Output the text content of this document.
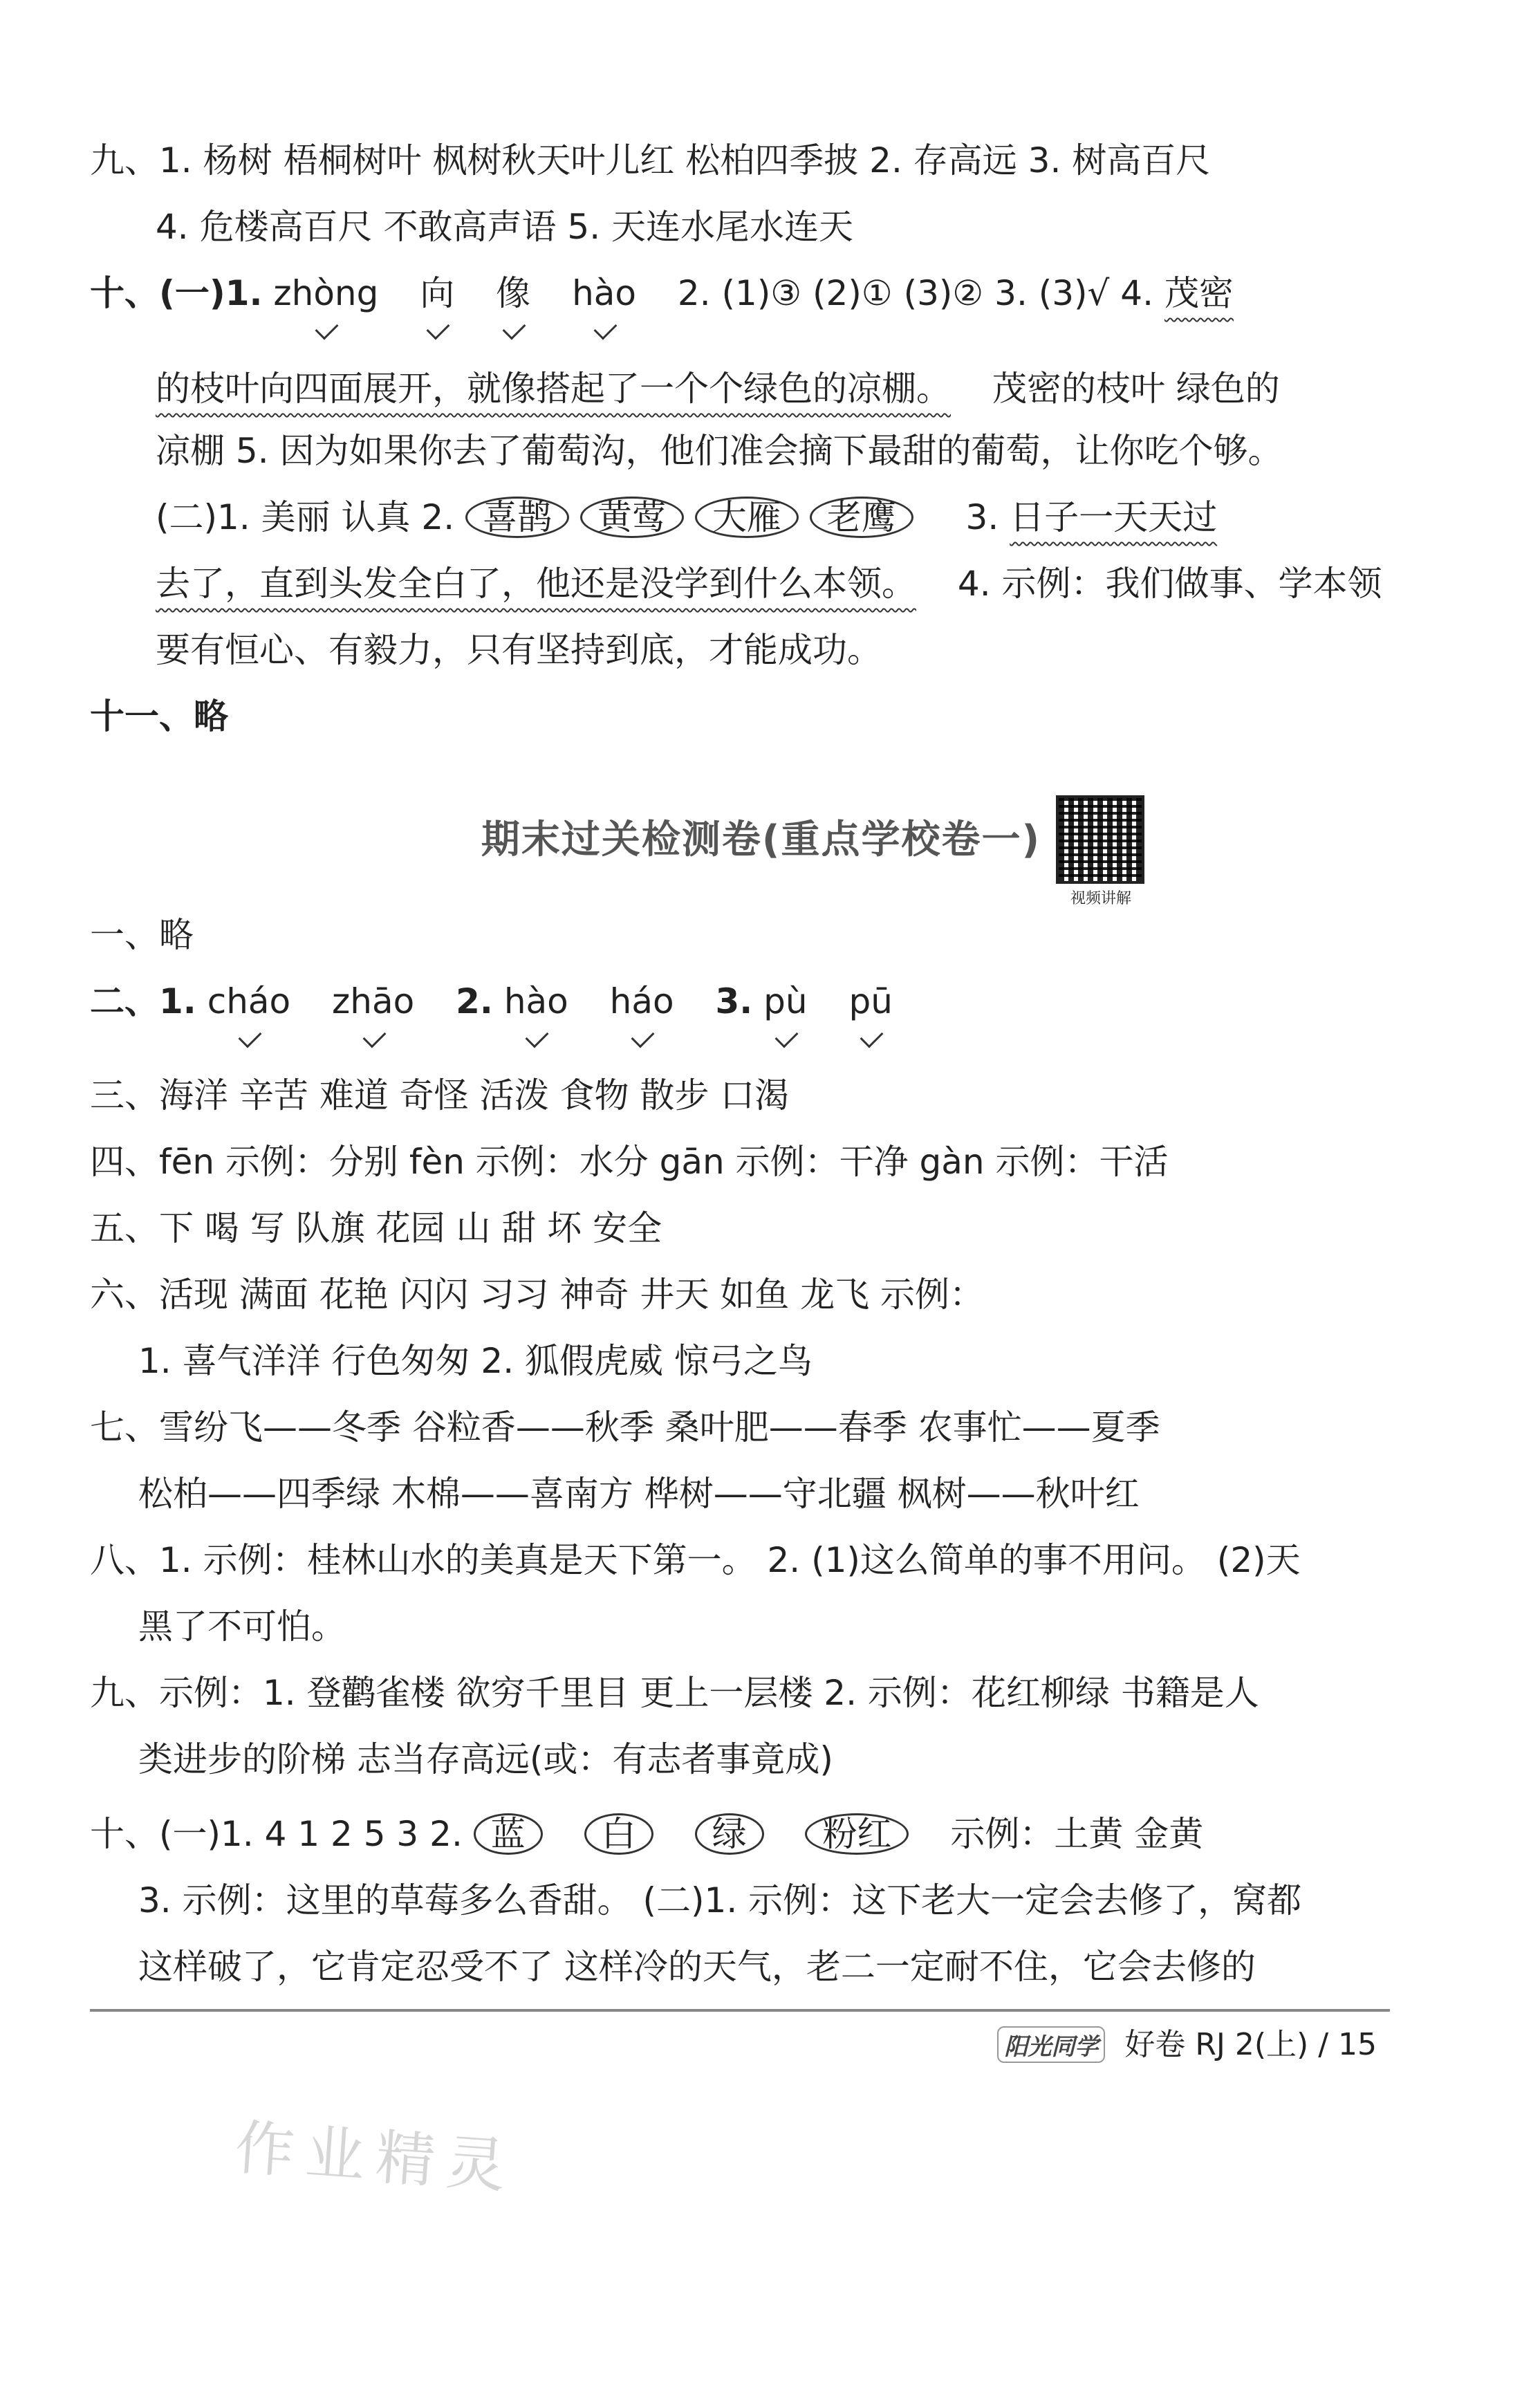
九、1. 杨树 梧桐树叶 枫树秋天叶儿红 松柏四季披 2. 存高远 3. 树高百尺
4. 危楼高百尺 不敢高声语 5. 天连水尾水连天
十、(一)1. zhòng 向 像 hào 2. (1)③ (2)① (3)② 3. (3)√ 4. 茂密
的枝叶向四面展开，就像搭起了一个个绿色的凉棚。 茂密的枝叶 绿色的
凉棚 5. 因为如果你去了葡萄沟，他们准会摘下最甜的葡萄，让你吃个够。
(二)1. 美丽 认真 2. 喜鹊 黄莺 大雁 老鹰 3. 日子一天天过
去了，直到头发全白了，他还是没学到什么本领。 4. 示例：我们做事、学本领
要有恒心、有毅力，只有坚持到底，才能成功。
十一、略
期末过关检测卷(重点学校卷一)
视频讲解
一、略
二、1. cháo zhāo 2. hào háo 3. pù pū
三、海洋 辛苦 难道 奇怪 活泼 食物 散步 口渴
四、fēn 示例：分别 fèn 示例：水分 gān 示例：干净 gàn 示例：干活
五、下 喝 写 队旗 花园 山 甜 坏 安全
六、活现 满面 花艳 闪闪 习习 神奇 井天 如鱼 龙飞 示例：
1. 喜气洋洋 行色匆匆 2. 狐假虎威 惊弓之鸟
七、雪纷飞——冬季 谷粒香——秋季 桑叶肥——春季 农事忙——夏季
松柏——四季绿 木棉——喜南方 桦树——守北疆 枫树——秋叶红
八、1. 示例：桂林山水的美真是天下第一。 2. (1)这么简单的事不用问。 (2)天
黑了不可怕。
九、示例：1. 登鹳雀楼 欲穷千里目 更上一层楼 2. 示例：花红柳绿 书籍是人
类进步的阶梯 志当存高远(或：有志者事竟成)
十、(一)1. 4 1 2 5 3 2. 蓝 白 绿 粉红 示例：土黄 金黄
3. 示例：这里的草莓多么香甜。 (二)1. 示例：这下老大一定会去修了，窝都
这样破了，它肯定忍受不了 这样冷的天气，老二一定耐不住，它会去修的
阳光同学 好卷 RJ 2(上) / 15
作业精灵
